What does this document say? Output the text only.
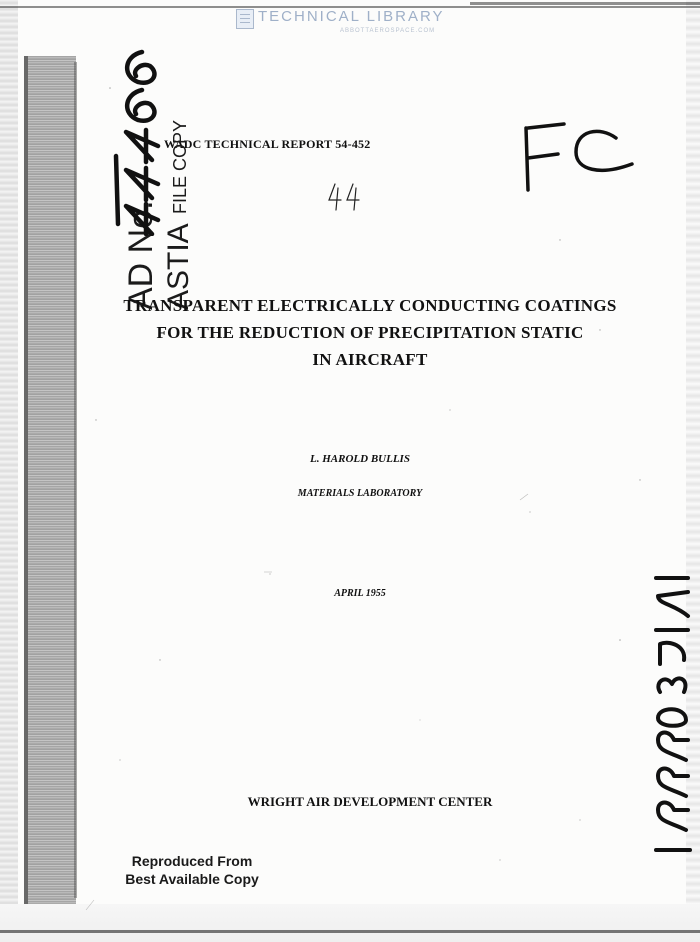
TECHNICAL LIBRARY
ABBOTTAEROSPACE.COM
WADC TECHNICAL REPORT 54-452
AD No. ASTIA
FILE COPY
TRANSPARENT ELECTRICALLY CONDUCTING COATINGS
FOR THE REDUCTION OF PRECIPITATION STATIC
IN AIRCRAFT
L. HAROLD BULLIS
MATERIALS LABORATORY
APRIL 1955
WRIGHT AIR DEVELOPMENT CENTER
Reproduced From
Best Available Copy
